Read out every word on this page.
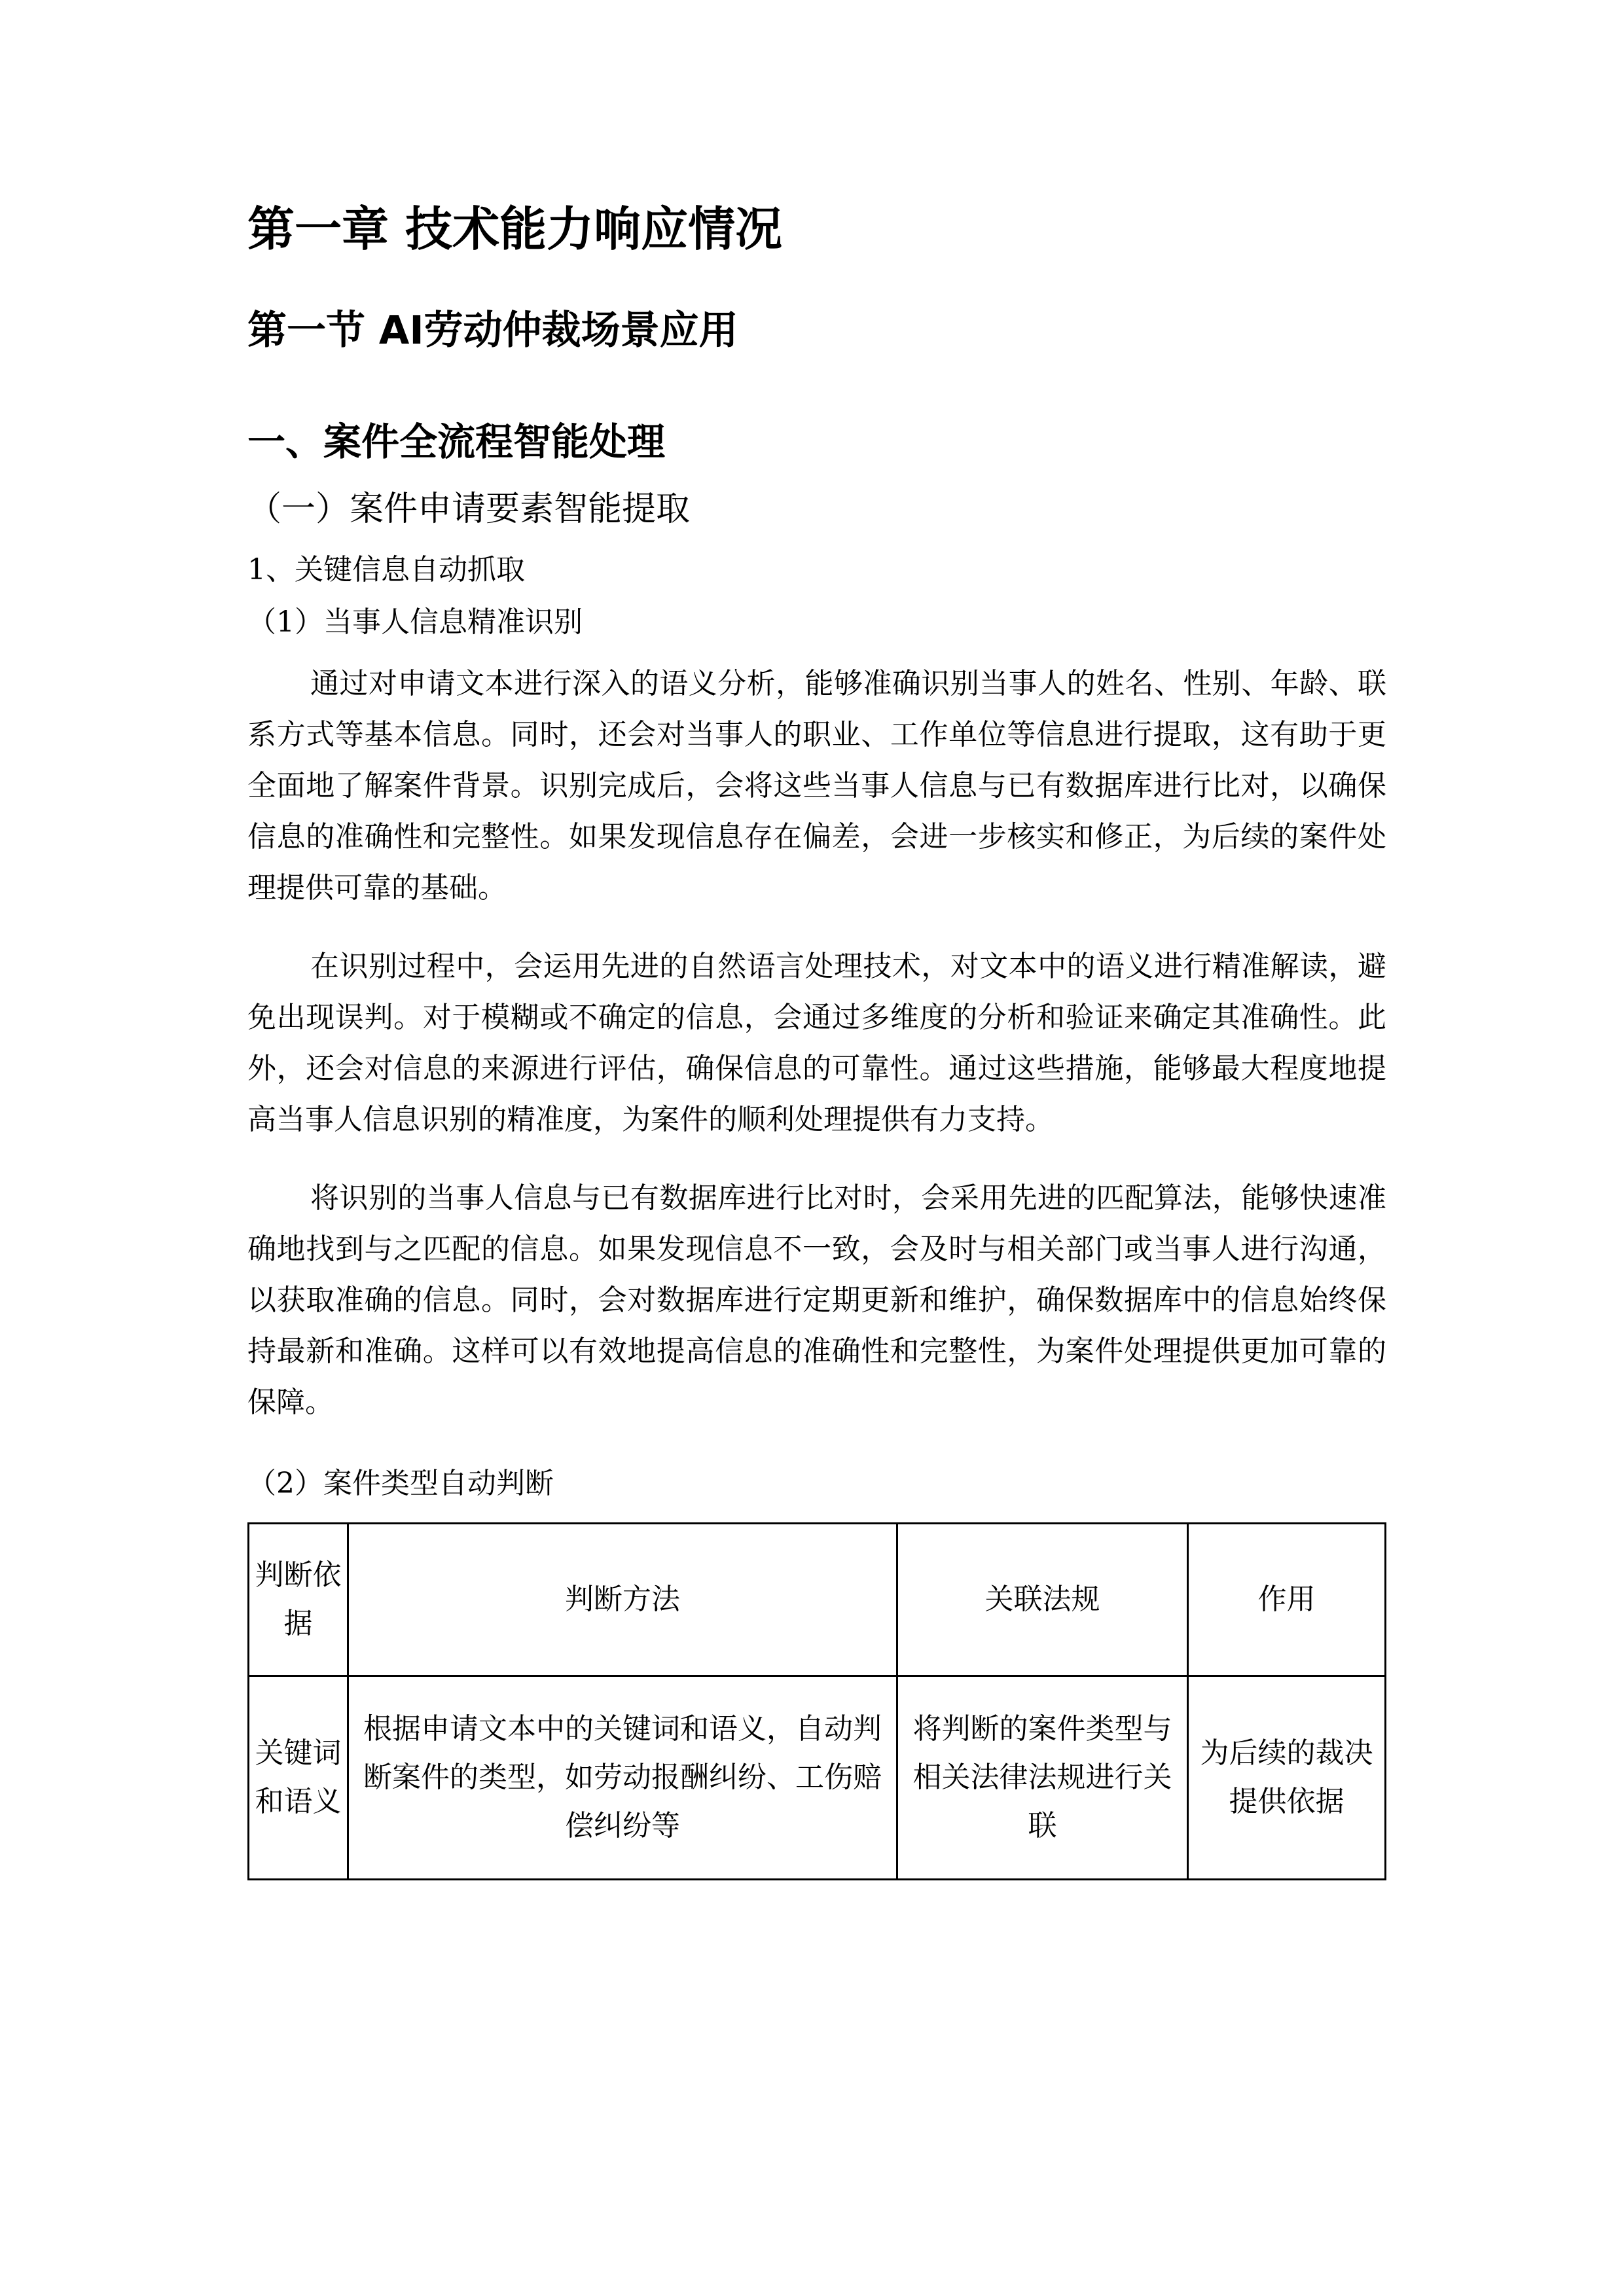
第一章 技术能力响应情况
第一节 AI劳动仲裁场景应用
一、案件全流程智能处理
（一）案件申请要素智能提取
1、关键信息自动抓取
（1）当事人信息精准识别
通过对申请文本进行深入的语义分析，能够准确识别当事人的姓名、性别、年龄、联系方式等基本信息。同时，还会对当事人的职业、工作单位等信息进行提取，这有助于更全面地了解案件背景。识别完成后，会将这些当事人信息与已有数据库进行比对，以确保信息的准确性和完整性。如果发现信息存在偏差，会进一步核实和修正，为后续的案件处理提供可靠的基础。
在识别过程中，会运用先进的自然语言处理技术，对文本中的语义进行精准解读，避免出现误判。对于模糊或不确定的信息，会通过多维度的分析和验证来确定其准确性。此外，还会对信息的来源进行评估，确保信息的可靠性。通过这些措施，能够最大程度地提高当事人信息识别的精准度，为案件的顺利处理提供有力支持。
将识别的当事人信息与已有数据库进行比对时，会采用先进的匹配算法，能够快速准确地找到与之匹配的信息。如果发现信息不一致，会及时与相关部门或当事人进行沟通，以获取准确的信息。同时，会对数据库进行定期更新和维护，确保数据库中的信息始终保持最新和准确。这样可以有效地提高信息的准确性和完整性，为案件处理提供更加可靠的保障。
（2）案件类型自动判断
判断依据	判断方法	关联法规	作用
关键词和语义	根据申请文本中的关键词和语义，自动判断案件的类型，如劳动报酬纠纷、工伤赔偿纠纷等	将判断的案件类型与相关法律法规进行关联	为后续的裁决提供依据
